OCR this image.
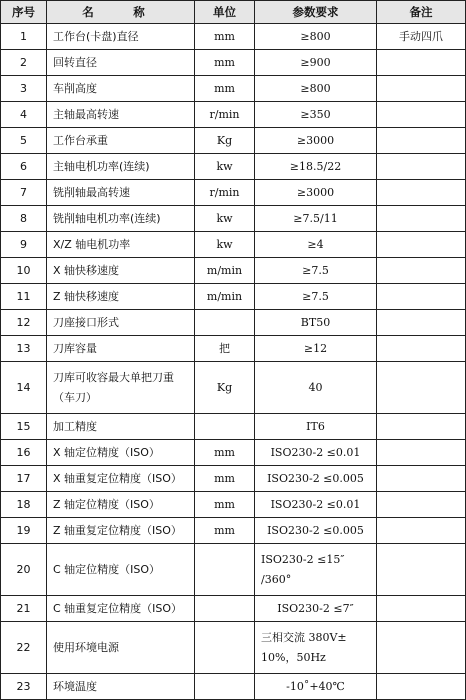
序号	名　称	单位	参数要求	备注
1	工作台(卡盘)直径	mm	≥800	手动四爪
2	回转直径	mm	≥900	
3	车削高度	mm	≥800	
4	主轴最高转速	r/min	≥350	
5	工作台承重	Kg	≥3000	
6	主轴电机功率(连续)	kw	≥18.5/22	
7	铣削轴最高转速	r/min	≥3000	
8	铣削轴电机功率(连续)	kw	≥7.5/11	
9	X/Z 轴电机功率	kw	≥4	
10	X 轴快移速度	m/min	≥7.5	
11	Z 轴快移速度	m/min	≥7.5	
12	刀座接口形式		BT50	
13	刀库容量	把	≥12	
14	刀库可收容最大单把刀重
（车刀）	Kg	40	
15	加工精度		IT6	
16	X 轴定位精度（ISO）	mm	ISO230-2 ≤0.01	
17	X 轴重复定位精度（ISO）	mm	ISO230-2 ≤0.005	
18	Z 轴定位精度（ISO）	mm	ISO230-2 ≤0.01	
19	Z 轴重复定位精度（ISO）	mm	ISO230-2 ≤0.005	
20	C 轴定位精度（ISO）		ISO230-2 ≤15″
/360°	

21	C 轴重复定位精度（ISO）		ISO230-2 ≤7″	
22	使用环境电源		三相交流 380V±
10%，50Hz	

23	环境温度		-10˚+40℃	
